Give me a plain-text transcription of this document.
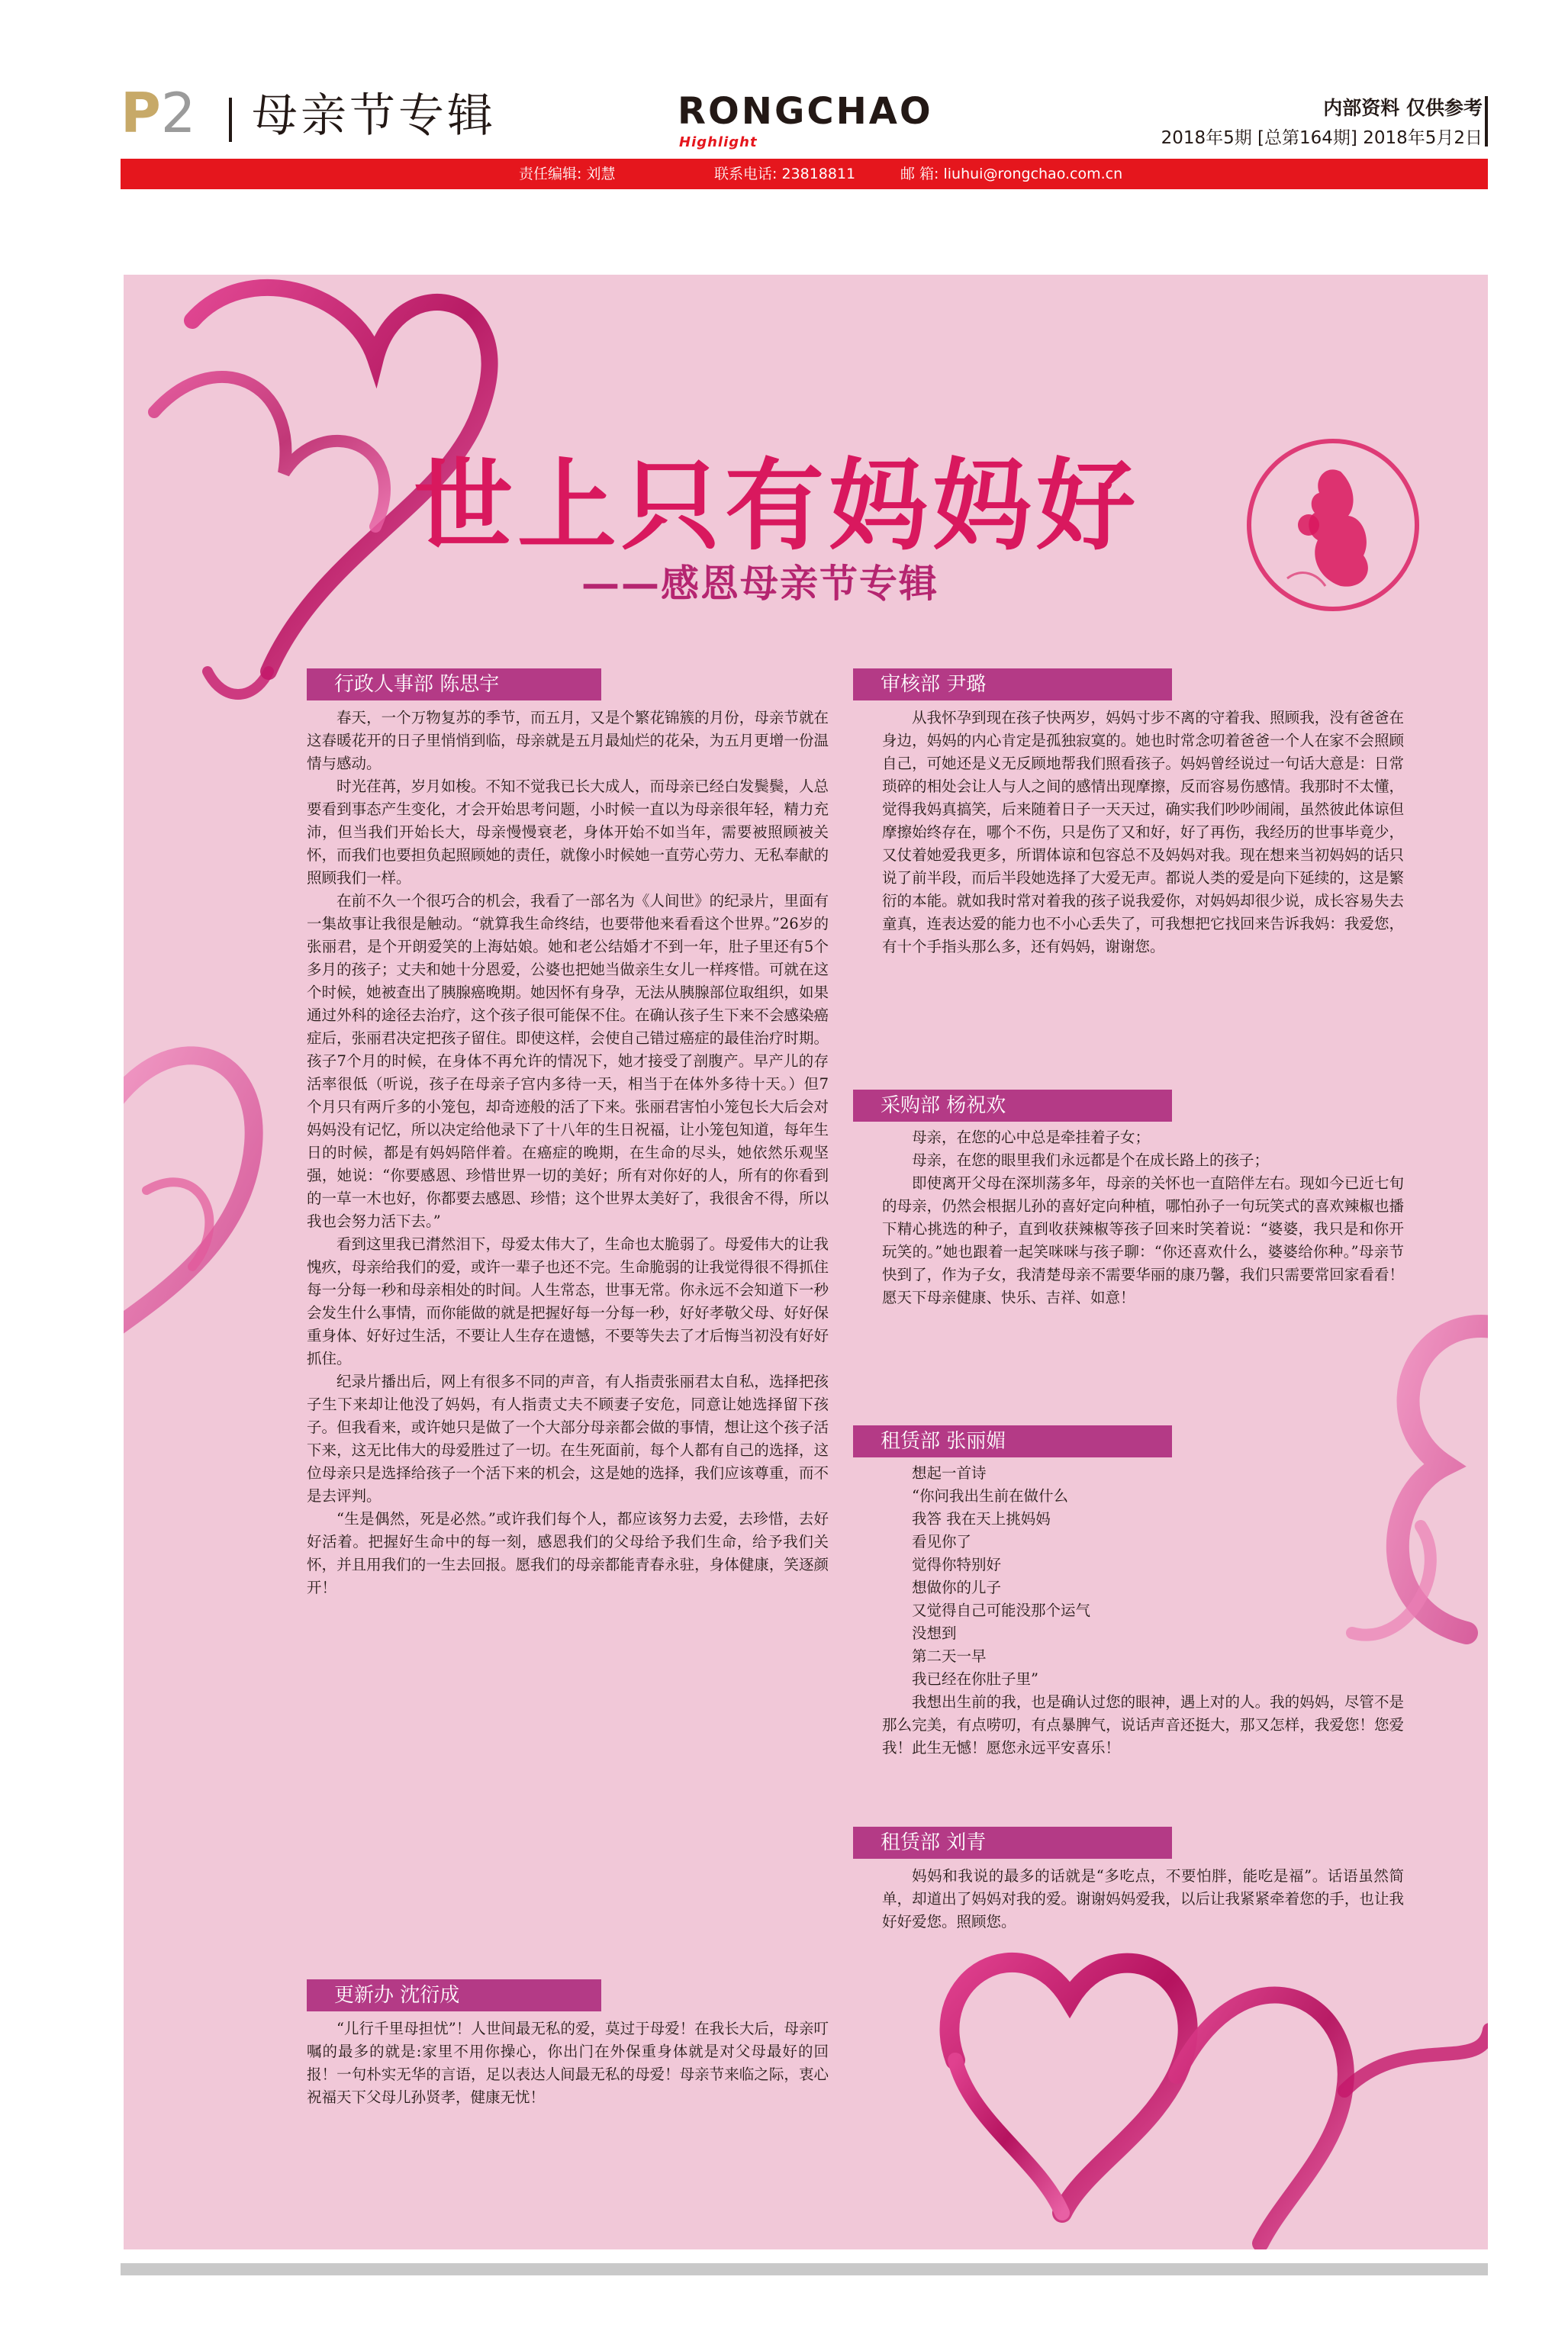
P2 母亲节专辑	RONGCHAO
Highlight
内部资料 仅供参考
2018年5期 [总第164期] 2018年5月2日
责任编辑: 刘慧	联系电话: 23818811	邮 箱: liuhui@rongchao.com.cn
世上只有妈妈好
——感恩母亲节专辑
行政人事部 陈思宇

春天，一个万物复苏的季节，而五月，又是个繁花锦簇的月份，母亲节就在这春暖花开的日子里悄悄到临，母亲就是五月最灿烂的花朵，为五月更增一份温情与感动。

时光荏苒，岁月如梭。不知不觉我已长大成人，而母亲已经白发鬓鬓，人总要看到事态产生变化，才会开始思考问题，小时候一直以为母亲很年轻，精力充沛，但当我们开始长大，母亲慢慢衰老，身体开始不如当年，需要被照顾被关怀，而我们也要担负起照顾她的责任，就像小时候她一直劳心劳力、无私奉献的照顾我们一样。

在前不久一个很巧合的机会，我看了一部名为《人间世》的纪录片，里面有一集故事让我很是触动。“就算我生命终结，也要带他来看看这个世界。”26岁的张丽君，是个开朗爱笑的上海姑娘。她和老公结婚才不到一年，肚子里还有5个多月的孩子；丈夫和她十分恩爱，公婆也把她当做亲生女儿一样疼惜。可就在这个时候，她被查出了胰腺癌晚期。她因怀有身孕，无法从胰腺部位取组织，如果通过外科的途径去治疗，这个孩子很可能保不住。在确认孩子生下来不会感染癌症后，张丽君决定把孩子留住。即使这样，会使自己错过癌症的最佳治疗时期。孩子7个月的时候，在身体不再允许的情况下，她才接受了剖腹产。早产儿的存活率很低（听说，孩子在母亲子宫内多待一天，相当于在体外多待十天。）但7个月只有两斤多的小笼包，却奇迹般的活了下来。张丽君害怕小笼包长大后会对妈妈没有记忆，所以决定给他录下了十八年的生日祝福，让小笼包知道，每年生日的时候，都是有妈妈陪伴着。在癌症的晚期，在生命的尽头，她依然乐观坚强，她说：“你要感恩、珍惜世界一切的美好；所有对你好的人，所有的你看到的一草一木也好，你都要去感恩、珍惜；这个世界太美好了，我很舍不得，所以我也会努力活下去。”

看到这里我已潸然泪下，母爱太伟大了，生命也太脆弱了。母爱伟大的让我愧疚，母亲给我们的爱，或许一辈子也还不完。生命脆弱的让我觉得很不得抓住每一分每一秒和母亲相处的时间。人生常态，世事无常。你永远不会知道下一秒会发生什么事情，而你能做的就是把握好每一分每一秒，好好孝敬父母、好好保重身体、好好过生活，不要让人生存在遗憾，不要等失去了才后悔当初没有好好抓住。

纪录片播出后，网上有很多不同的声音，有人指责张丽君太自私，选择把孩子生下来却让他没了妈妈，有人指责丈夫不顾妻子安危，同意让她选择留下孩子。但我看来，或许她只是做了一个大部分母亲都会做的事情，想让这个孩子活下来，这无比伟大的母爱胜过了一切。在生死面前，每个人都有自己的选择，这位母亲只是选择给孩子一个活下来的机会，这是她的选择，我们应该尊重，而不是去评判。

“生是偶然，死是必然。”或许我们每个人，都应该努力去爱，去珍惜，去好好活着。把握好生命中的每一刻，感恩我们的父母给予我们生命，给予我们关怀，并且用我们的一生去回报。愿我们的母亲都能青春永驻，身体健康，笑逐颜开！

更新办 沈衍成

“儿行千里母担忧”！人世间最无私的爱，莫过于母爱！在我长大后，母亲叮嘱的最多的就是:家里不用你操心，你出门在外保重身体就是对父母最好的回报！一句朴实无华的言语，足以表达人间最无私的母爱！母亲节来临之际，衷心祝福天下父母儿孙贤孝，健康无忧！

审核部 尹璐

从我怀孕到现在孩子快两岁，妈妈寸步不离的守着我、照顾我，没有爸爸在身边，妈妈的内心肯定是孤独寂寞的。她也时常念叨着爸爸一个人在家不会照顾自己，可她还是义无反顾地帮我们照看孩子。妈妈曾经说过一句话大意是：日常琐碎的相处会让人与人之间的感情出现摩擦，反而容易伤感情。我那时不太懂，觉得我妈真搞笑，后来随着日子一天天过，确实我们吵吵闹闹，虽然彼此体谅但摩擦始终存在，哪个不伤，只是伤了又和好，好了再伤，我经历的世事毕竟少，又仗着她爱我更多，所谓体谅和包容总不及妈妈对我。现在想来当初妈妈的话只说了前半段，而后半段她选择了大爱无声。都说人类的爱是向下延续的，这是繁衍的本能。就如我时常对着我的孩子说我爱你，对妈妈却很少说，成长容易失去童真，连表达爱的能力也不小心丢失了，可我想把它找回来告诉我妈：我爱您，有十个手指头那么多，还有妈妈，谢谢您。

采购部 杨祝欢

母亲，在您的心中总是牵挂着子女；

母亲，在您的眼里我们永远都是个在成长路上的孩子；

即使离开父母在深圳荡多年，母亲的关怀也一直陪伴左右。现如今已近七旬的母亲，仍然会根据儿孙的喜好定向种植，哪怕孙子一句玩笑式的喜欢辣椒也播下精心挑选的种子，直到收获辣椒等孩子回来时笑着说：“婆婆，我只是和你开玩笑的。”她也跟着一起笑咪咪与孩子聊：“你还喜欢什么，婆婆给你种。”母亲节快到了，作为子女，我清楚母亲不需要华丽的康乃馨，我们只需要常回家看看！愿天下母亲健康、快乐、吉祥、如意！

租赁部 张丽媚
想起一首诗
“你问我出生前在做什么
我答 我在天上挑妈妈
看见你了
觉得你特别好
想做你的儿子
又觉得自己可能没那个运气
没想到
第二天一早
我已经在你肚子里”

我想出生前的我，也是确认过您的眼神，遇上对的人。我的妈妈，尽管不是那么完美，有点唠叨，有点暴脾气，说话声音还挺大，那又怎样，我爱您！您爱我！此生无憾！愿您永远平安喜乐！

租赁部 刘青

妈妈和我说的最多的话就是“多吃点，不要怕胖，能吃是福”。话语虽然简单，却道出了妈妈对我的爱。谢谢妈妈爱我，以后让我紧紧牵着您的手，也让我好好爱您。照顾您。
